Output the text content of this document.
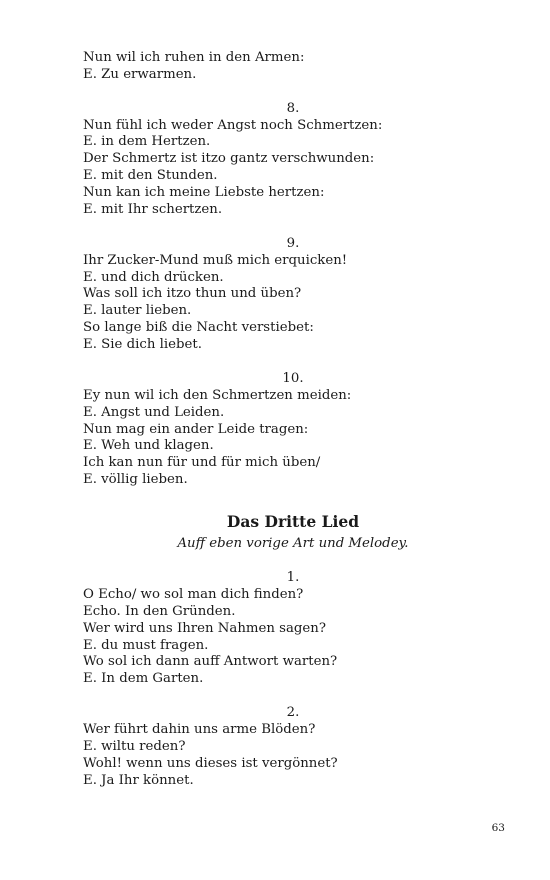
Nun wil ich ruhen in den Armen:
E. Zu erwarmen.
8.
Nun fühl ich weder Angst noch Schmertzen:
E. in dem Hertzen.
Der Schmertz ist itzo gantz verschwunden:
E. mit den Stunden.
Nun kan ich meine Liebste hertzen:
E. mit Ihr schertzen.
9.
Ihr Zucker-Mund muß mich erquicken!
E. und dich drücken.
Was soll ich itzo thun und üben?
E. lauter lieben.
So lange biß die Nacht verstiebet:
E. Sie dich liebet.
10.
Ey nun wil ich den Schmertzen meiden:
E. Angst und Leiden.
Nun mag ein ander Leide tragen:
E. Weh und klagen.
Ich kan nun für und für mich üben/
E. völlig lieben.
Das Dritte Lied
Auff eben vorige Art und Melodey.
1.
O Echo/ wo sol man dich finden?
Echo. In den Gründen.
Wer wird uns Ihren Nahmen sagen?
E. du must fragen.
Wo sol ich dann auff Antwort warten?
E. In dem Garten.
2.
Wer führt dahin uns arme Blöden?
E. wiltu reden?
Wohl! wenn uns dieses ist vergönnet?
E. Ja Ihr könnet.
63
